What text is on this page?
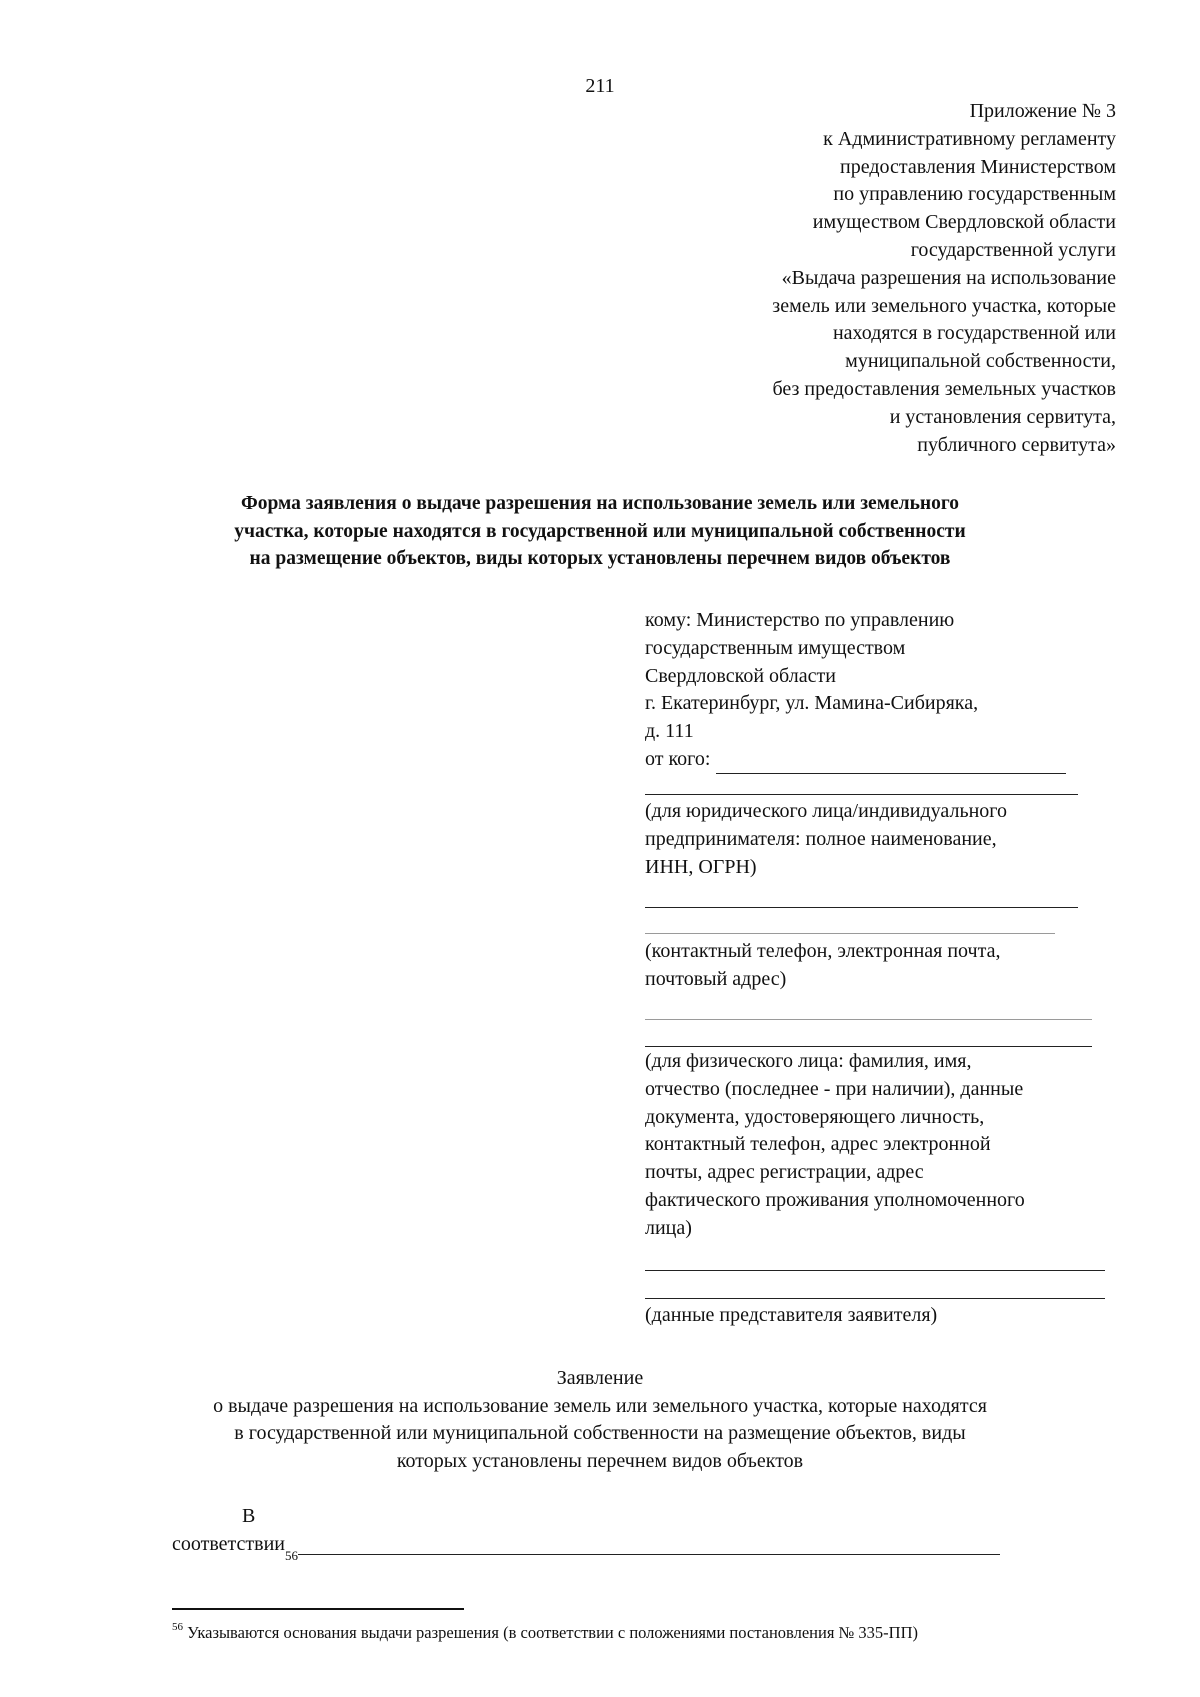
211
Приложение № 3
к Административному регламенту
предоставления Министерством
по управлению государственным
имуществом Свердловской области
государственной услуги
«Выдача разрешения на использование
земель или земельного участка, которые
находятся в государственной или
муниципальной собственности,
без предоставления земельных участков
и установления сервитута,
публичного сервитута»
Форма заявления о выдаче разрешения на использование земель или земельного
участка, которые находятся в государственной или муниципальной собственности
на размещение объектов, виды которых установлены перечнем видов объектов
кому: Министерство по управлению
государственным имуществом
Свердловской области
г. Екатеринбург, ул. Мамина-Сибиряка,
д. 111
от кого:
(для юридического лица/индивидуального
предпринимателя: полное наименование,
ИНН, ОГРН)
(контактный телефон, электронная почта,
почтовый адрес)
(для физического лица: фамилия, имя,
отчество (последнее - при наличии), данные
документа, удостоверяющего личность,
контактный телефон, адрес электронной
почты, адрес регистрации, адрес
фактического проживания уполномоченного
лица)
(данные представителя заявителя)
Заявление
о выдаче разрешения на использование земель или земельного участка, которые находятся
в государственной или муниципальной собственности на размещение объектов, виды
которых установлены перечнем видов объектов
В
соответствии
$^{56}$
$^{56}$ Указываются основания выдачи разрешения (в соответствии с положениями постановления № 335-ПП)
